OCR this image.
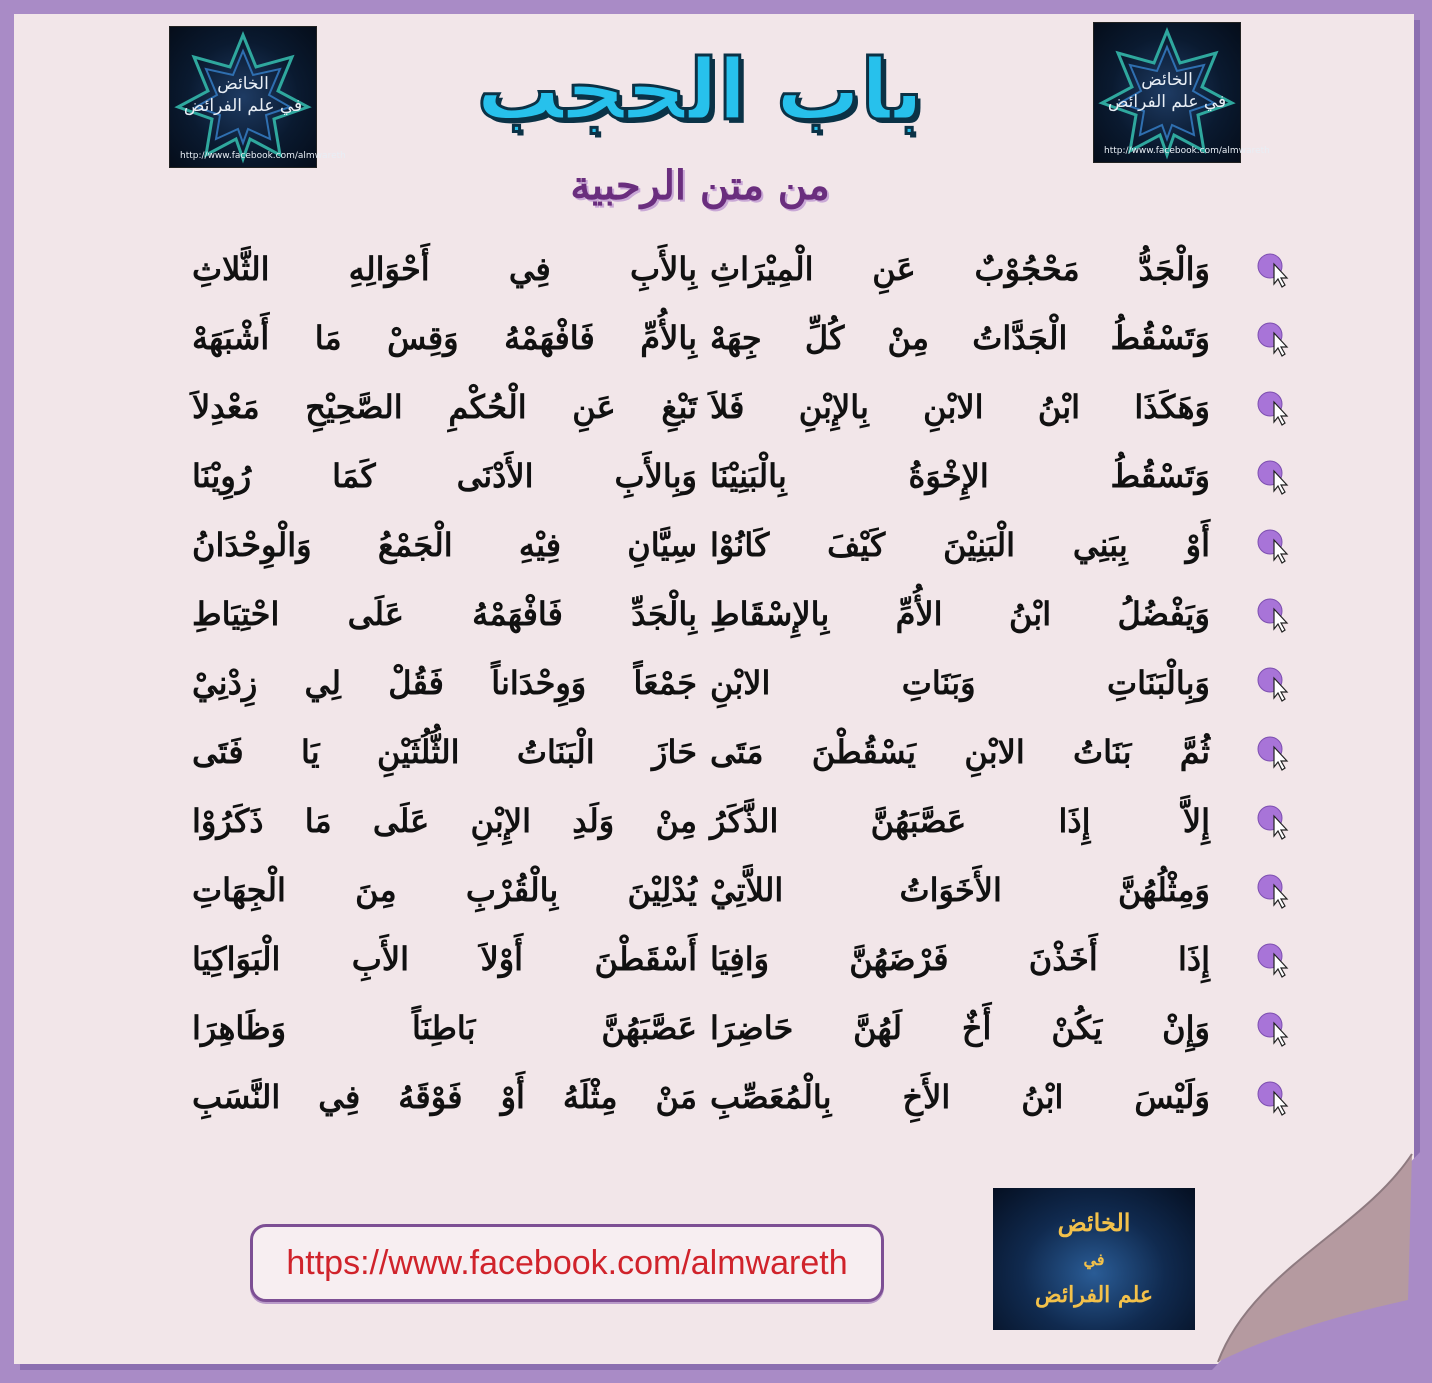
الخائض
في علم الفرائض
http://www.facebook.com/almwareth
الخائض
في علم الفرائض
http://www.facebook.com/almwareth
باب الحجب
من متن الرحبية
وَالْجَدُّ مَحْجُوْبٌ عَنِ الْمِيْرَاثِ
بِالأَبِ فِي أَحْوَالِهِ الثَّلاثِ
وَتَسْقُطُ الْجَدَّاتُ مِنْ كُلِّ جِهَهْ
بِالأُمِّ فَافْهَمْهُ وَقِسْ مَا أَشْبَهَهْ
وَهَكَذَا ابْنُ الابْنِ بِالإِبْنِ فَلاَ
تَبْغِ عَنِ الْحُكْمِ الصَّحِيْحِ مَعْدِلاَ
وَتَسْقُطُ الإِخْوَةُ بِالْبَنِيْنَا
وَبِالأَبِ الأَدْنَى كَمَا رُوِيْنَا
أَوْ بِبَنِي الْبَنِيْنَ كَيْفَ كَانُوْا
سِيَّانِ فِيْهِ الْجَمْعُ وَالْوِحْدَانُ
وَيَفْضُلُ ابْنُ الأُمِّ بِالإِسْقَاطِ
بِالْجَدِّ فَافْهَمْهُ عَلَى احْتِيَاطِ
وَبِالْبَنَاتِ وَبَنَاتِ الابْنِ
جَمْعَاً وَوِحْدَاناً فَقُلْ لِي زِدْنِيْ
ثُمَّ بَنَاتُ الابْنِ يَسْقُطْنَ مَتَى
حَازَ الْبَنَاتُ الثُّلُثَيْنِ يَا فَتَى
إِلاَّ إِذَا عَصَّبَهُنَّ الذَّكَرُ
مِنْ وَلَدِ الإِبْنِ عَلَى مَا ذَكَرُوْا
وَمِثْلُهُنَّ الأَخَوَاتُ اللاَّتِيْ
يُدْلِيْنَ بِالْقُرْبِ مِنَ الْجِهَاتِ
إِذَا أَخَذْنَ فَرْضَهُنَّ وَافِيَا
أَسْقَطْنَ أَوْلاَ الأَبِ الْبَوَاكِيَا
وَإِنْ يَكُنْ أَخٌ لَهُنَّ حَاضِرَا
عَصَّبَهُنَّ بَاطِنَاً وَظَاهِرَا
وَلَيْسَ ابْنُ الأَخِ بِالْمُعَصِّبِ
مَنْ مِثْلَهُ أَوْ فَوْقَهُ فِي النَّسَبِ
https://www.facebook.com/almwareth
الخائض
في
علم الفرائض
